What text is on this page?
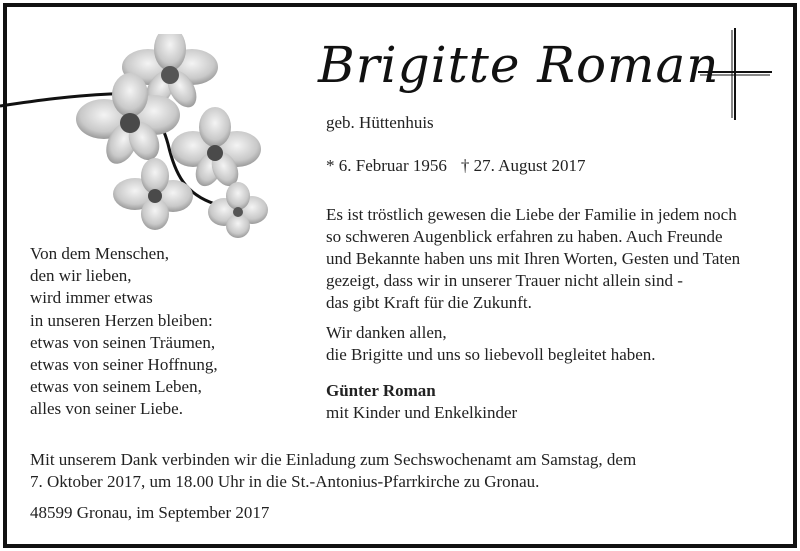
Brigitte Roman
geb. Hüttenhuis
* 6. Februar 1956 † 27. August 2017

Es ist tröstlich gewesen die Liebe der Familie in jedem noch

so schweren Augenblick erfahren zu haben. Auch Freunde

und Bekannte haben uns mit Ihren Worten, Gesten und Taten

gezeigt, dass wir in unserer Trauer nicht allein sind -

das gibt Kraft für die Zukunft.

Wir danken allen,
die Brigitte und uns so liebevoll begleitet haben.
Günter Roman
mit Kinder und Enkelkinder
Von dem Menschen,
den wir lieben,
wird immer etwas
in unseren Herzen bleiben:
etwas von seinen Träumen,
etwas von seiner Hoffnung,
etwas von seinem Leben,
alles von seiner Liebe.
Mit unserem Dank verbinden wir die Einladung zum Sechswochenamt am Samstag, dem
7. Oktober 2017, um 18.00 Uhr in die St.-Antonius-Pfarrkirche zu Gronau.
48599 Gronau, im September 2017
